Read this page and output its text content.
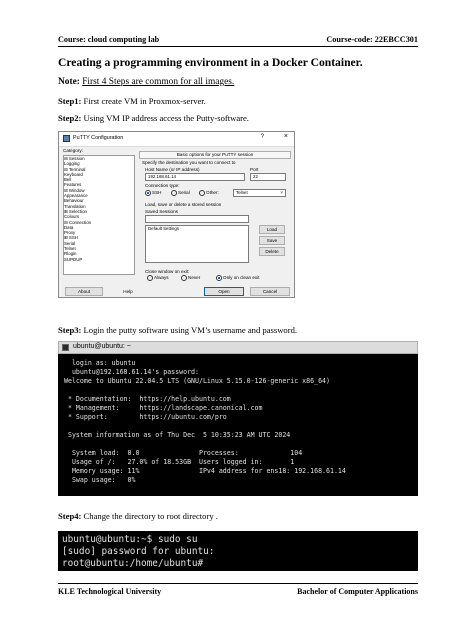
Course: cloud computing lab	Course-code: 22EBCC301
Creating a programming environment in a Docker Container.
Note: First 4 Steps are common for all images.
Step1: First create VM in Proxmox-server.
Step2: Using VM IP address access the Putty-software.
PuTTY Configuration	?	×
Category:
⊟ Session
Logging
⊟ Terminal
Keyboard
Bell
Features
⊟ Window
Appearance
Behaviour
Translation
⊞ Selection
Colours
⊟ Connection
Data
Proxy
⊞ SSH
Serial
Telnet
Rlogin
SUPDUP
Basic options for your PuTTY session
Specify the destination you want to connect to
Host Name (or IP address)	Port
192.168.61.14	22
Connection type:
SSH	Serial	Other:	Telnet	˅
Load, save or delete a stored session
Saved Sessions
Default Settings	Load
Save
Delete
Close window on exit:
Always	Never	Only on clean exit
About	Help	Open	Cancel
Step3: Login the putty software using VM’s username and password.
ubuntu@ubuntu: ~

login as: ubuntu

ubuntu@192.168.61.14's password:

Welcome to Ubuntu 22.04.5 LTS (GNU/Linux 5.15.0-126-generic x86_64)

* Documentation:  https://help.ubuntu.com

* Management:     https://landscape.canonical.com

* Support:        https://ubuntu.com/pro

System information as of Thu Dec  5 10:35:23 AM UTC 2024

System load:  0.0               Processes:             104

Usage of /:   27.0% of 18.53GB  Users logged in:       1

Memory usage: 11%               IPv4 address for ens18: 192.168.61.14

Swap usage:   0%

Step4: Change the directory to root directory .

ubuntu@ubuntu:~$ sudo su

[sudo] password for ubuntu:

root@ubuntu:/home/ubuntu#

KLE Technological University	Bachelor of Computer Applications
